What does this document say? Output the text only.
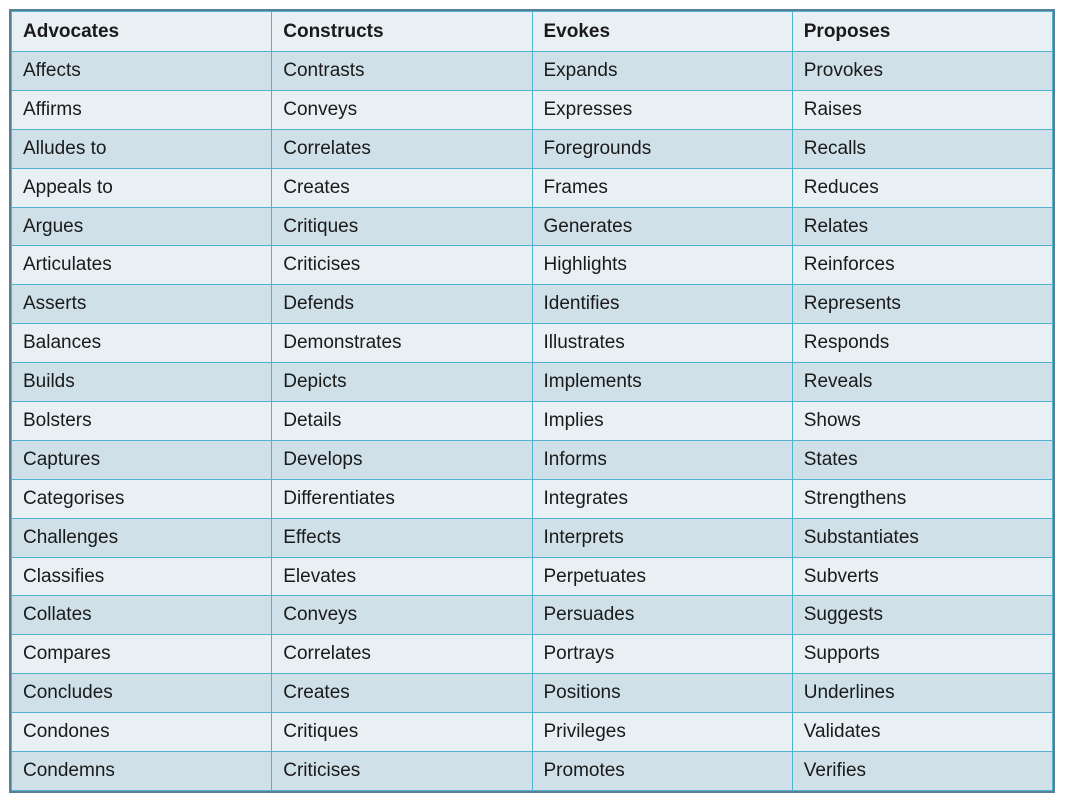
Advocates	Constructs	Evokes	Proposes
Affects	Contrasts	Expands	Provokes
Affirms	Conveys	Expresses	Raises
Alludes to	Correlates	Foregrounds	Recalls
Appeals to	Creates	Frames	Reduces
Argues	Critiques	Generates	Relates
Articulates	Criticises	Highlights	Reinforces
Asserts	Defends	Identifies	Represents
Balances	Demonstrates	Illustrates	Responds
Builds	Depicts	Implements	Reveals
Bolsters	Details	Implies	Shows
Captures	Develops	Informs	States
Categorises	Differentiates	Integrates	Strengthens
Challenges	Effects	Interprets	Substantiates
Classifies	Elevates	Perpetuates	Subverts
Collates	Conveys	Persuades	Suggests
Compares	Correlates	Portrays	Supports
Concludes	Creates	Positions	Underlines
Condones	Critiques	Privileges	Validates
Condemns	Criticises	Promotes	Verifies
